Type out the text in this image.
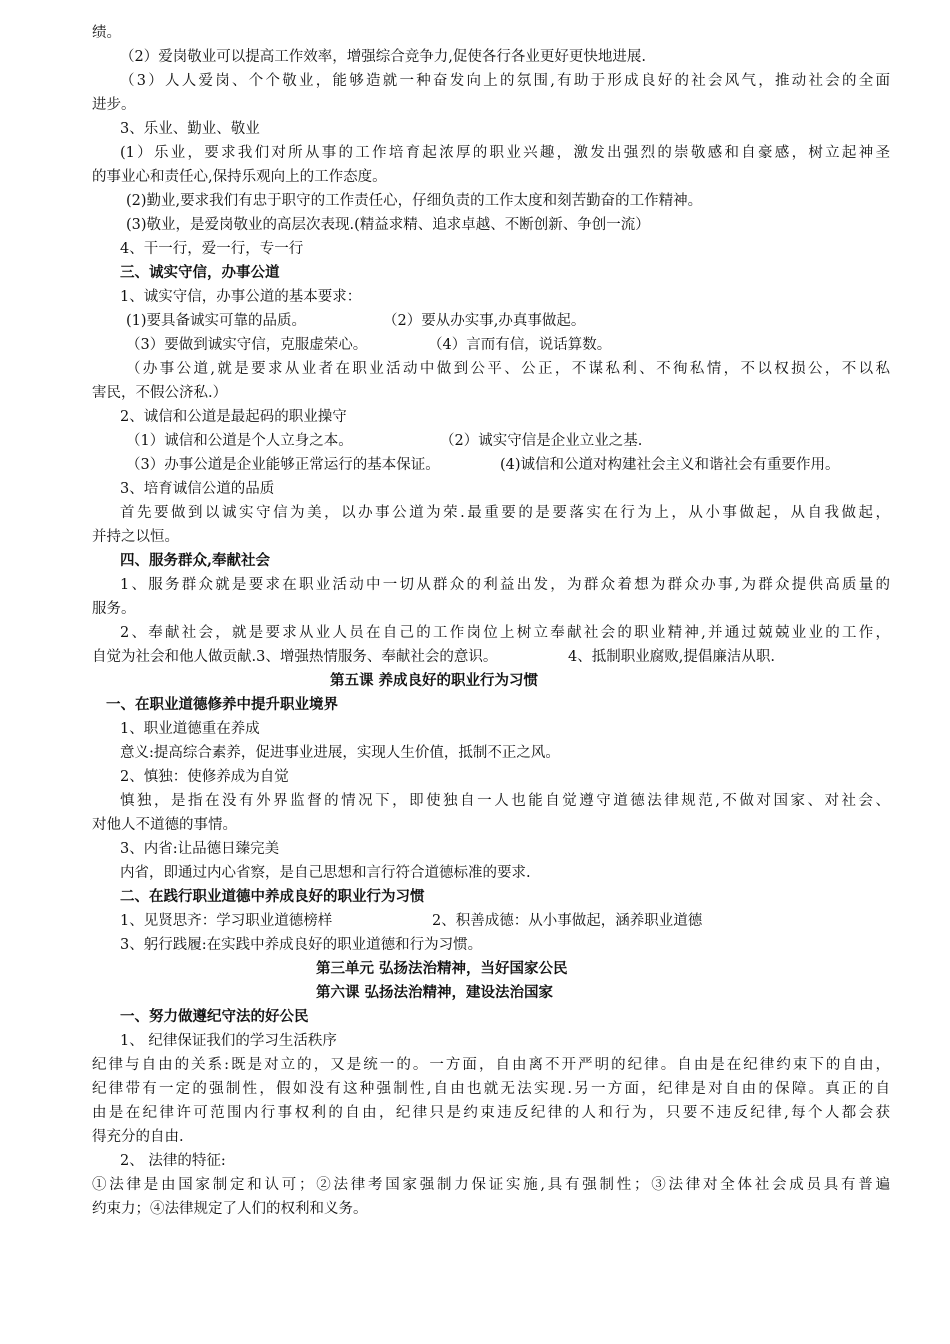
绩。
（2）爱岗敬业可以提高工作效率，增强综合竞争力,促使各行各业更好更快地进展.
（3）人人爱岗、个个敬业，能够造就一种奋发向上的氛围,有助于形成良好的社会风气，推动社会的全面
进步。
3、乐业、勤业、敬业
(1）乐业，要求我们对所从事的工作培育起浓厚的职业兴趣，激发出强烈的崇敬感和自豪感，树立起神圣
的事业心和责任心,保持乐观向上的工作态度。
(2)勤业,要求我们有忠于职守的工作责任心，仔细负责的工作太度和刻苦勤奋的工作精神。
(3)敬业，是爱岗敬业的高层次表现.(精益求精、追求卓越、不断创新、争创一流）
4、干一行，爱一行，专一行
三、诚实守信，办事公道
1、诚实守信，办事公道的基本要求：
(1)要具备诚实可靠的品质。	（2）要从办实事,办真事做起。
（3）要做到诚实守信，克服虚荣心。	（4）言而有信，说话算数。
（办事公道,就是要求从业者在职业活动中做到公平、公正，不谋私利、不徇私情，不以权损公，不以私
害民，不假公济私.）
2、诚信和公道是最起码的职业操守
（1）诚信和公道是个人立身之本。	（2）诚实守信是企业立业之基.
（3）办事公道是企业能够正常运行的基本保证。	(4)诚信和公道对构建社会主义和谐社会有重要作用。
3、培育诚信公道的品质
首先要做到以诚实守信为美，以办事公道为荣.最重要的是要落实在行为上，从小事做起，从自我做起，
并持之以恒。
四、服务群众,奉献社会
1、服务群众就是要求在职业活动中一切从群众的利益出发，为群众着想为群众办事,为群众提供高质量的
服务。
2、奉献社会，就是要求从业人员在自己的工作岗位上树立奉献社会的职业精神,并通过兢兢业业的工作，
自觉为社会和他人做贡献.3、增强热情服务、奉献社会的意识。	4、抵制职业腐败,提倡廉洁从职.
第五课 养成良好的职业行为习惯
一、在职业道德修养中提升职业境界
1、职业道德重在养成
意义:提高综合素养，促进事业进展，实现人生价值，抵制不正之风。
2、慎独：使修养成为自觉
慎独，是指在没有外界监督的情况下，即使独自一人也能自觉遵守道德法律规范,不做对国家、对社会、
对他人不道德的事情。
3、内省:让品德日臻完美
内省，即通过内心省察，是自己思想和言行符合道德标准的要求.
二、在践行职业道德中养成良好的职业行为习惯
1、见贤思齐：学习职业道德榜样	2、积善成德：从小事做起，涵养职业道德
3、躬行践履:在实践中养成良好的职业道德和行为习惯。
第三单元 弘扬法治精神，当好国家公民
第六课 弘扬法治精神，建设法治国家
一、努力做遵纪守法的好公民
1、 纪律保证我们的学习生活秩序
纪律与自由的关系:既是对立的，又是统一的。一方面，自由离不开严明的纪律。自由是在纪律约束下的自由，
纪律带有一定的强制性，假如没有这种强制性,自由也就无法实现.另一方面，纪律是对自由的保障。真正的自
由是在纪律许可范围内行事权利的自由，纪律只是约束违反纪律的人和行为，只要不违反纪律,每个人都会获
得充分的自由.
2、 法律的特征:
①法律是由国家制定和认可；②法律考国家强制力保证实施,具有强制性；③法律对全体社会成员具有普遍
约束力；④法律规定了人们的权利和义务。
